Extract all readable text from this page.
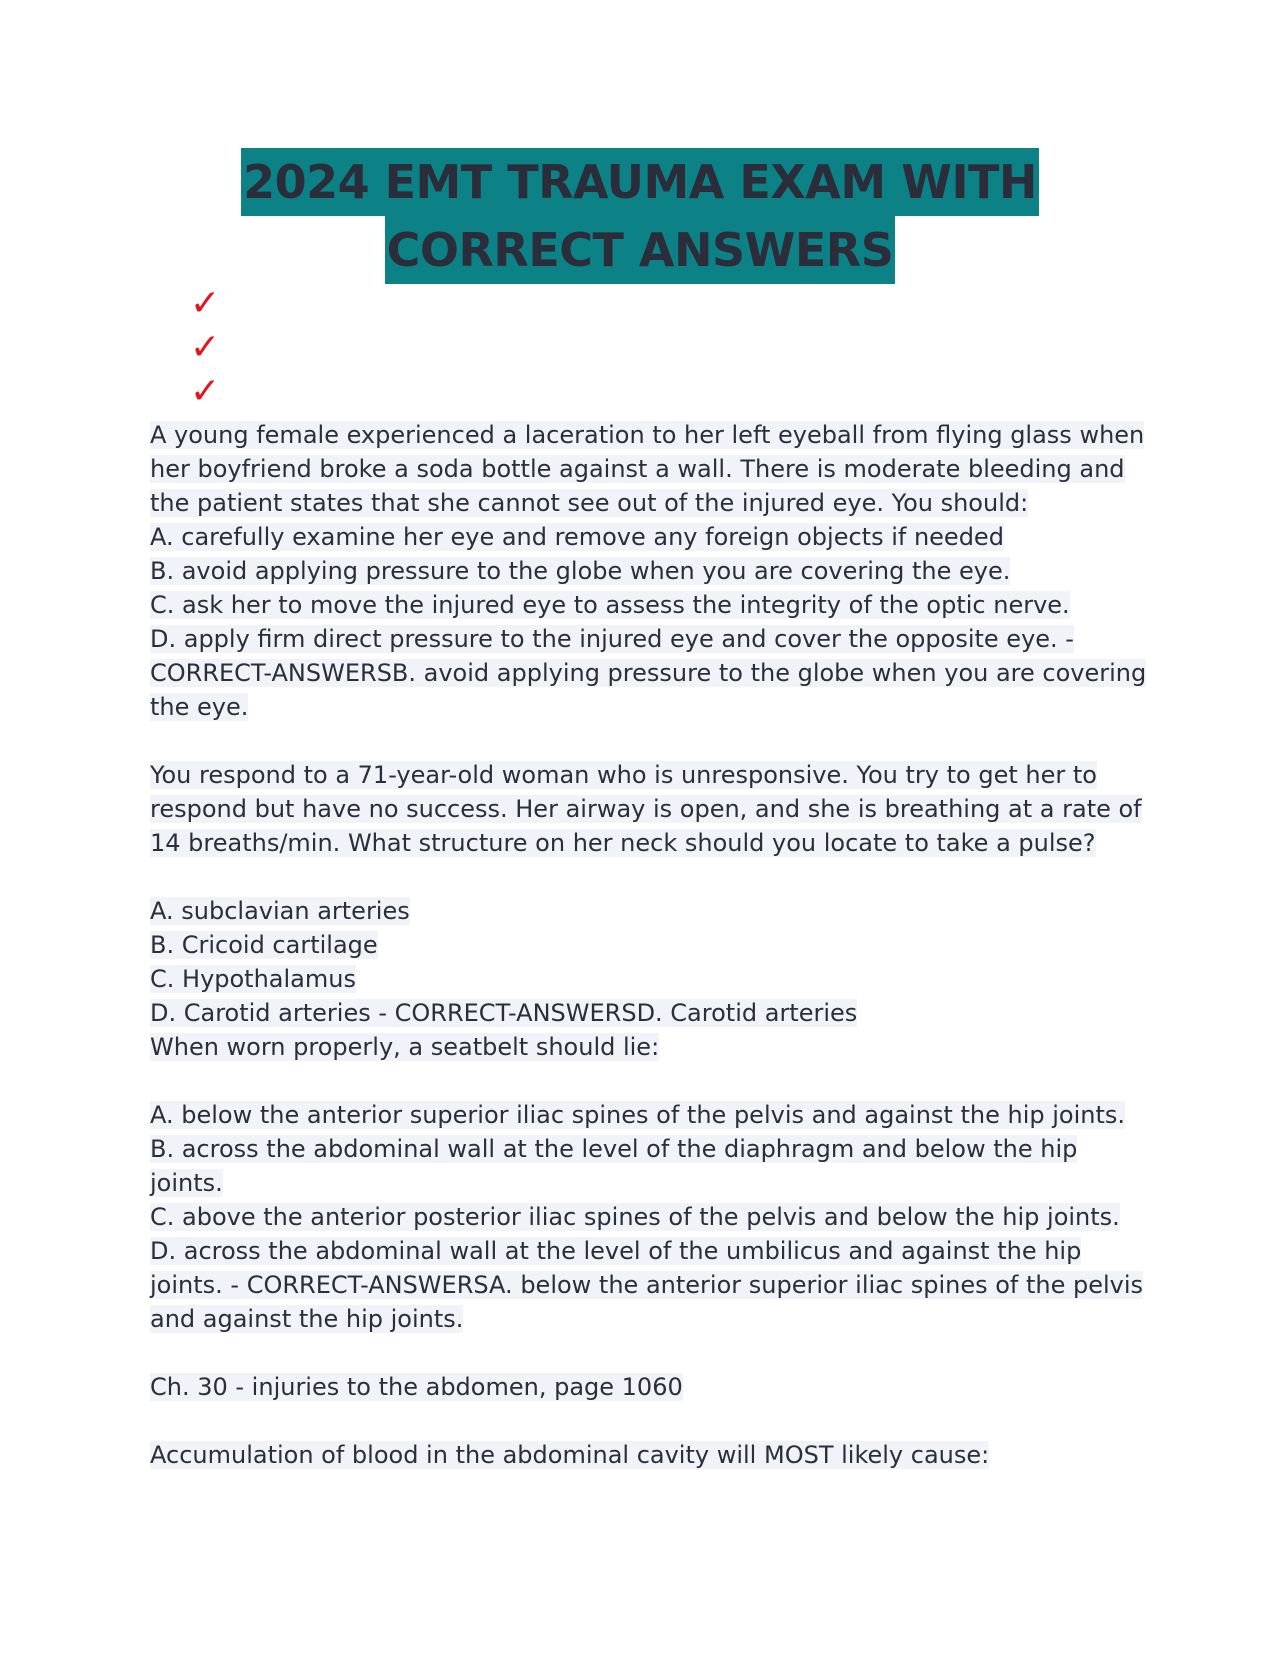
2024 EMT TRAUMA EXAM WITH
CORRECT ANSWERS
✓
✓
✓
A young female experienced a laceration to her left eyeball from flying glass when
her boyfriend broke a soda bottle against a wall. There is moderate bleeding and
the patient states that she cannot see out of the injured eye. You should:
A. carefully examine her eye and remove any foreign objects if needed
B. avoid applying pressure to the globe when you are covering the eye.
C. ask her to move the injured eye to assess the integrity of the optic nerve.
D. apply firm direct pressure to the injured eye and cover the opposite eye. -
CORRECT-ANSWERSB. avoid applying pressure to the globe when you are covering
the eye.
You respond to a 71-year-old woman who is unresponsive. You try to get her to
respond but have no success. Her airway is open, and she is breathing at a rate of
14 breaths/min. What structure on her neck should you locate to take a pulse?
A. subclavian arteries
B. Cricoid cartilage
C. Hypothalamus
D. Carotid arteries - CORRECT-ANSWERSD. Carotid arteries
When worn properly, a seatbelt should lie:
A. below the anterior superior iliac spines of the pelvis and against the hip joints.
B. across the abdominal wall at the level of the diaphragm and below the hip
joints.
C. above the anterior posterior iliac spines of the pelvis and below the hip joints.
D. across the abdominal wall at the level of the umbilicus and against the hip
joints. - CORRECT-ANSWERSA. below the anterior superior iliac spines of the pelvis
and against the hip joints.
Ch. 30 - injuries to the abdomen, page 1060
Accumulation of blood in the abdominal cavity will MOST likely cause:
